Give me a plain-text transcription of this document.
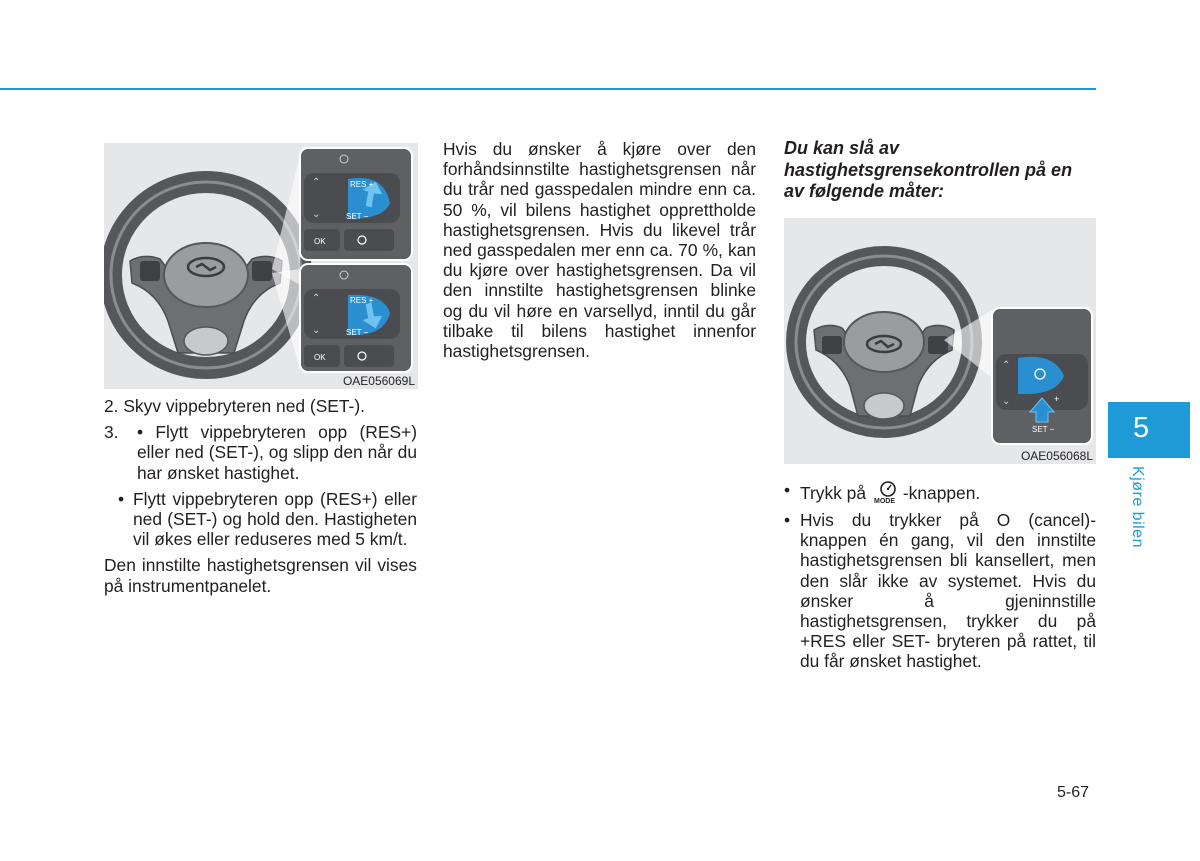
RES +
SET −
⌃
⌄
OK
RES +
SET −
⌃
⌄
OK
OAE056069L

2. Skyv vippebryteren ned (SET-).

3.	• Flytt vippebryteren opp (RES+) eller ned (SET-), og slipp den når du har ønsket hastighet.

• Flytt vippebryteren opp (RES+) eller ned (SET-) og hold den. Hastigheten vil økes eller reduseres med 5 km/t.

Den innstilte hastighetsgrensen vil vises på instrumentpanelet.

Hvis du ønsker å kjøre over den forhåndsinnstilte hastighetsgrensen når du trår ned gasspedalen mindre enn ca. 50 %, vil bilens hastighet opprettholde hastighetsgrensen. Hvis du likevel trår ned gasspedalen mer enn ca. 70 %, kan du kjøre over hastighetsgrensen. Da vil den innstilte hastighetsgrensen blinke og du vil høre en varsellyd, inntil du går tilbake til bilens hastighet innenfor hastighetsgrensen.

Du kan slå av hastighetsgrensekontrollen på en av følgende måter:
+
SET −
⌃
⌄
OAE056068L
• Trykk på MODE -knappen.
• Hvis du trykker på O (cancel)-knappen én gang, vil den innstilte hastighetsgrensen bli kansellert, men den slår ikke av systemet. Hvis du ønsker å gjeninnstille hastighetsgrensen, trykker du på +RES eller SET- bryteren på rattet, til du får ønsket hastighet.

5
Kjøre bilen
5-67
